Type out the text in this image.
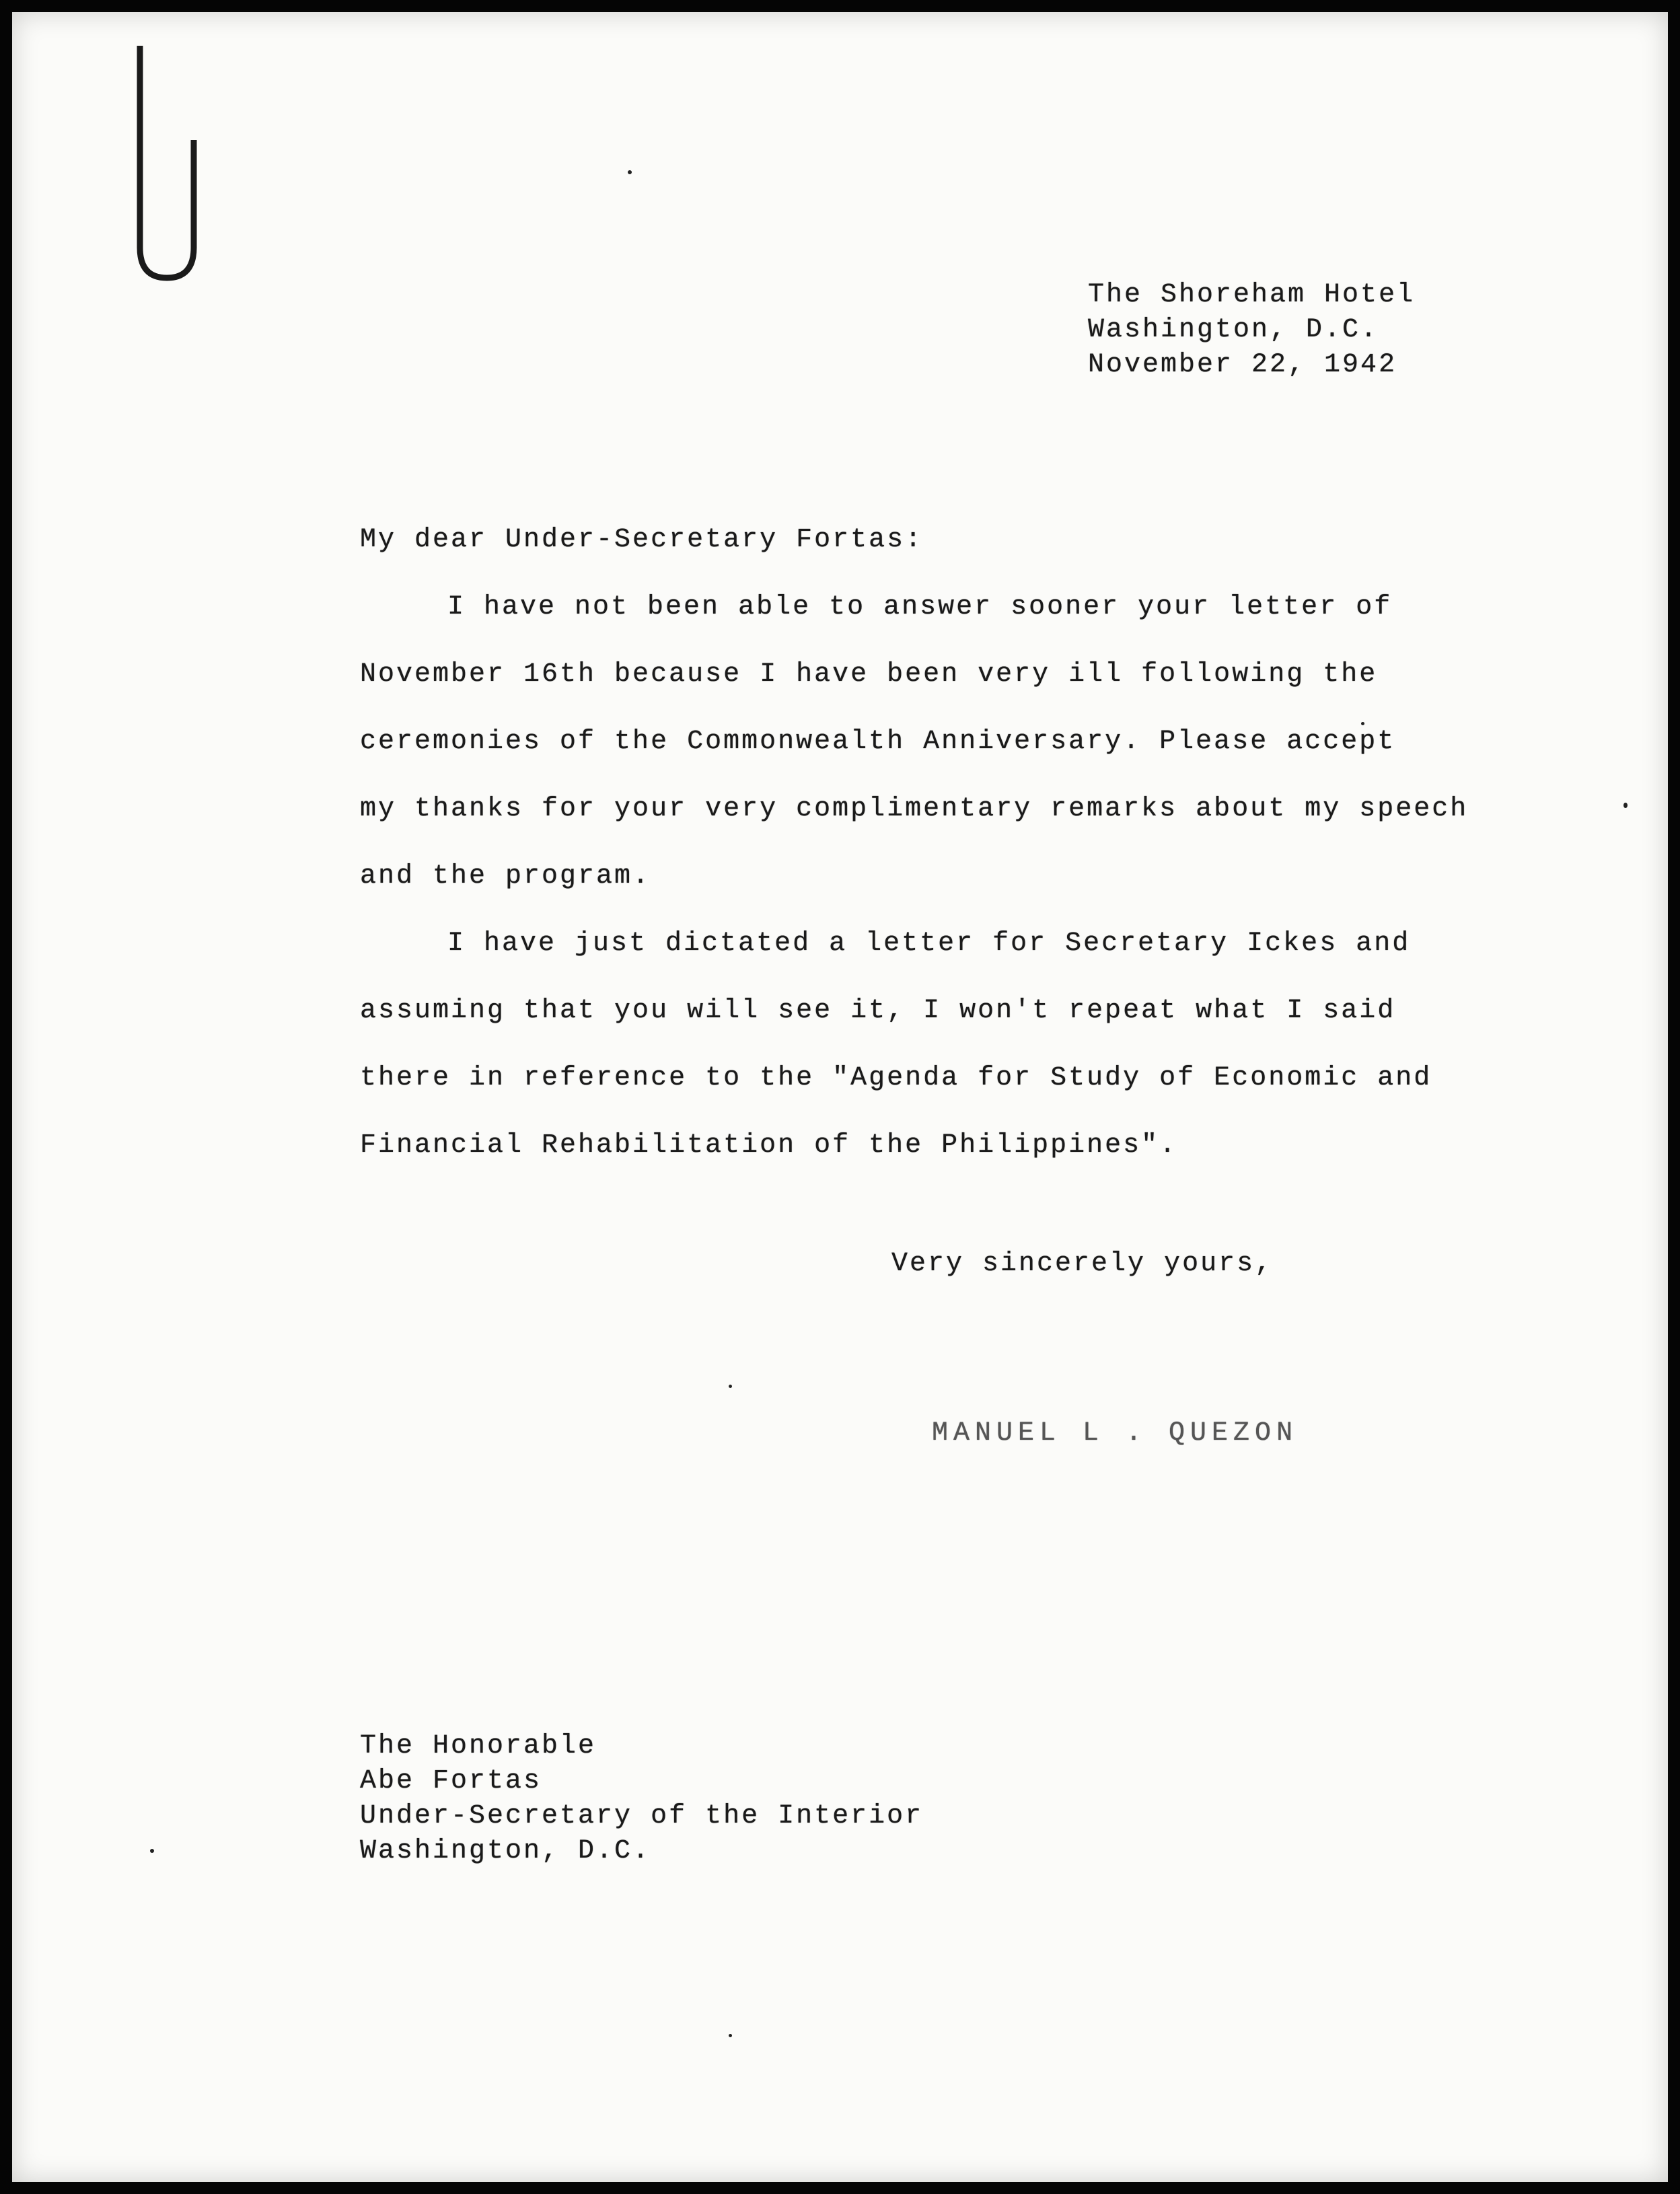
The Shoreham Hotel
Washington, D.C.
November 22, 1942
My dear Under-Secretary Fortas:
I have not been able to answer sooner your letter of
November 16th because I have been very ill following the
ceremonies of the Commonwealth Anniversary. Please accept
my thanks for your very complimentary remarks about my speech
and the program.
I have just dictated a letter for Secretary Ickes and
assuming that you will see it, I won't repeat what I said
there in reference to the "Agenda for Study of Economic and
Financial Rehabilitation of the Philippines".
Very sincerely yours,
MANUEL L . QUEZON
The Honorable
Abe Fortas
Under-Secretary of the Interior
Washington, D.C.
